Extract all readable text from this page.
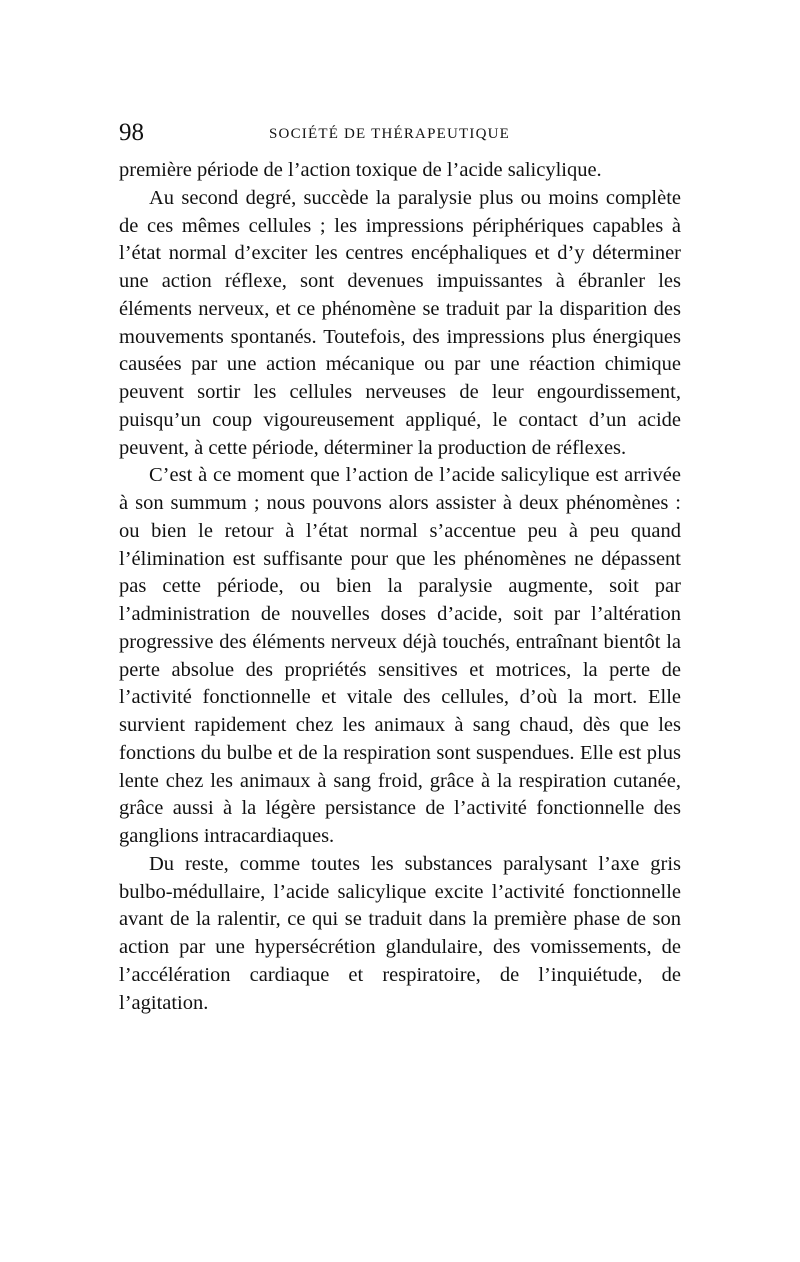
98	SOCIÉTÉ DE THÉRAPEUTIQUE

première période de l’action toxique de l’acide salicylique.

Au second degré, succède la paralysie plus ou moins complète de ces mêmes cellules ; les impressions périphériques capables à l’état normal d’exciter les centres encéphaliques et d’y déterminer une action réflexe, sont devenues impuissantes à ébranler les éléments nerveux, et ce phénomène se traduit par la disparition des mouvements spontanés. Toutefois, des impressions plus énergiques causées par une action mécanique ou par une réaction chimique peuvent sortir les cellules nerveuses de leur engourdissement, puisqu’un coup vigoureusement appliqué, le contact d’un acide peuvent, à cette période, déterminer la production de réflexes.

C’est à ce moment que l’action de l’acide salicylique est arrivée à son summum ; nous pouvons alors assister à deux phénomènes : ou bien le retour à l’état normal s’accentue peu à peu quand l’élimination est suffisante pour que les phénomènes ne dépassent pas cette période, ou bien la paralysie augmente, soit par l’administration de nouvelles doses d’acide, soit par l’altération progressive des éléments nerveux déjà touchés, entraînant bientôt la perte absolue des propriétés sensitives et motrices, la perte de l’activité fonctionnelle et vitale des cellules, d’où la mort. Elle survient rapidement chez les animaux à sang chaud, dès que les fonctions du bulbe et de la respiration sont suspendues. Elle est plus lente chez les animaux à sang froid, grâce à la respiration cutanée, grâce aussi à la légère persistance de l’activité fonctionnelle des ganglions intracardiaques.

Du reste, comme toutes les substances paralysant l’axe gris bulbo-médullaire, l’acide salicylique excite l’activité fonctionnelle avant de la ralentir, ce qui se traduit dans la première phase de son action par une hypersécrétion glandulaire, des vomissements, de l’accélération cardiaque et respiratoire, de l’inquiétude, de l’agitation.
